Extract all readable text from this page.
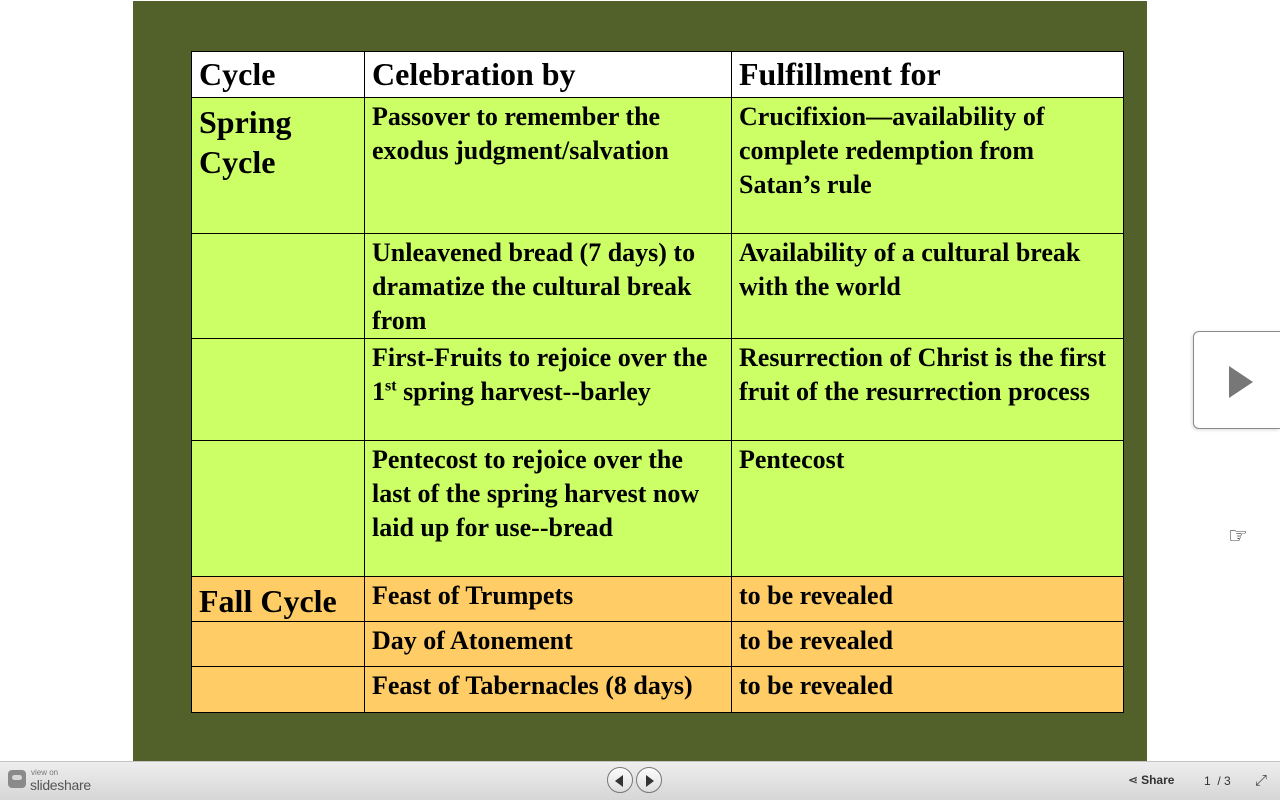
Cycle	Celebration by	Fulfillment for
Spring Cycle	Passover to remember the exodus judgment/salvation	Crucifixion—availability of complete redemption from Satan’s rule
	Unleavened bread (7 days) to dramatize the cultural break from	Availability of a cultural break with the world
	First-Fruits to rejoice over the 1st spring harvest--barley	Resurrection of Christ is the first fruit of the resurrection process
	Pentecost to rejoice over the last of the spring harvest now laid up for use--bread	Pentecost
Fall Cycle	Feast of Trumpets	to be revealed
	Day of Atonement	to be revealed
	Feast of Tabernacles (8 days)	to be revealed
☞
view on
slideshare	⋖ Share 1 / 3 ⤢
